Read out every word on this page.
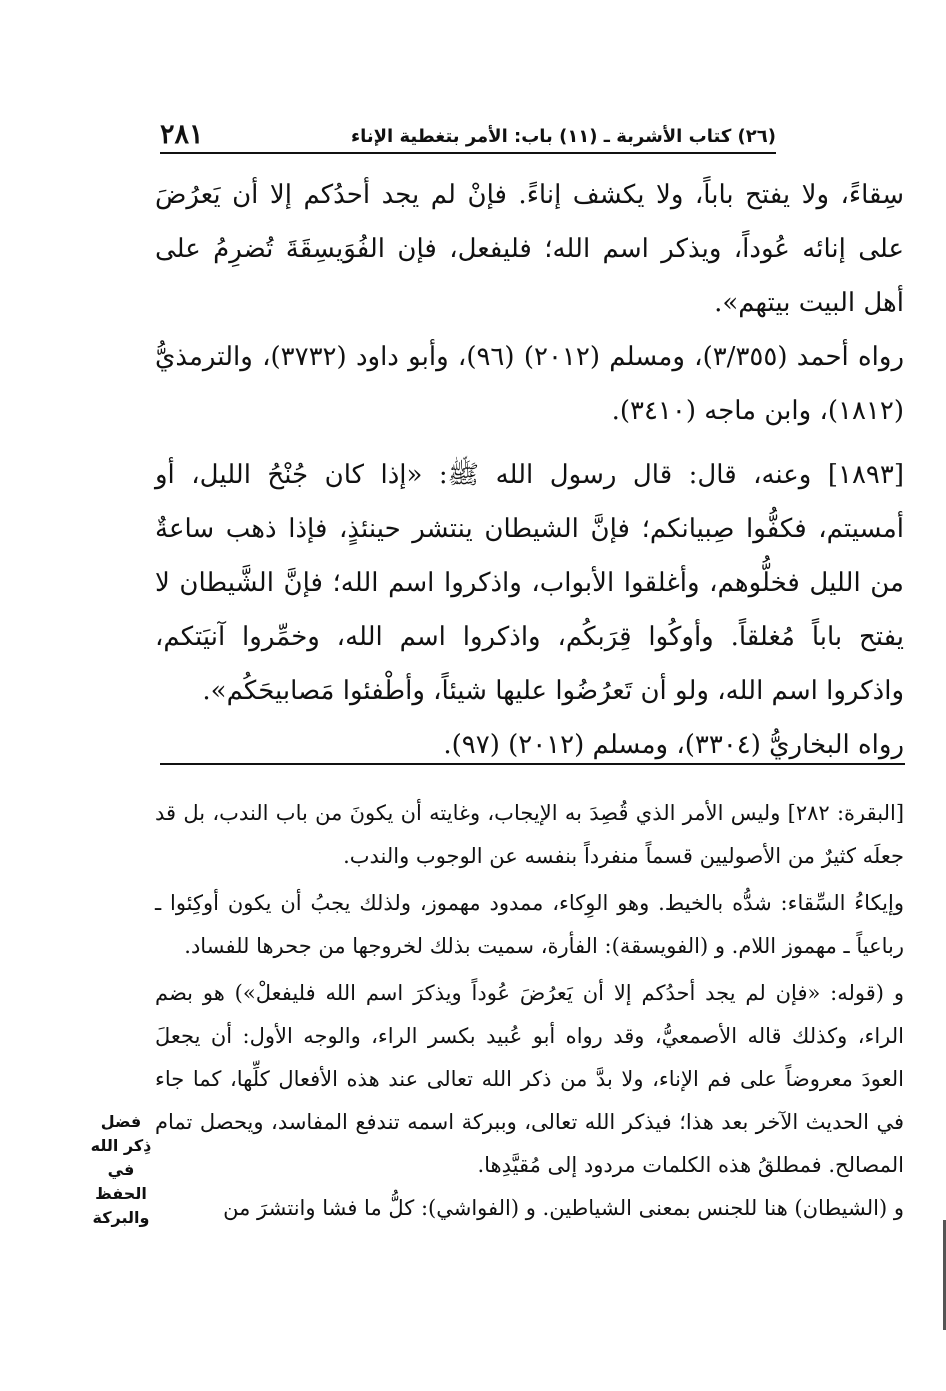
٢٨١	(٢٦) كتاب الأشربة ـ (١١) باب: الأمر بتغطية الإناء

سِقاءً، ولا يفتح باباً، ولا يكشف إناءً. فإنْ لم يجد أحدُكم إلا أن يَعرُضَ على إنائه عُوداً، ويذكر اسم الله؛ فليفعل، فإن الفُوَيسِقَةَ تُضرِمُ على أهل البيت بيتهم».

رواه أحمد (٣/٣٥٥)، ومسلم (٢٠١٢) (٩٦)، وأبو داود (٣٧٣٢)، والترمذيُّ (١٨١٢)، وابن ماجه (٣٤١٠).

[١٨٩٣] وعنه، قال: قال رسول الله ﷺ: «إذا كان جُنْحُ الليل، أو أمسيتم، فكفُّوا صِبيانكم؛ فإنَّ الشيطان ينتشر حينئذٍ، فإذا ذهب ساعةٌ من الليل فخلُّوهم، وأغلقوا الأبواب، واذكروا اسم الله؛ فإنَّ الشَّيطان لا يفتح باباً مُغلقاً. وأوكُوا قِرَبكُم، واذكروا اسم الله، وخمِّروا آنيَتكم، واذكروا اسم الله، ولو أن تَعرُضُوا عليها شيئاً، وأطْفئوا مَصابيحَكُم».

رواه البخاريُّ (٣٣٠٤)، ومسلم (٢٠١٢) (٩٧).

[البقرة: ٢٨٢] وليس الأمر الذي قُصِدَ به الإيجاب، وغايته أن يكونَ من باب الندب، بل قد جعلَه كثيرٌ من الأصوليين قسماً منفرداً بنفسه عن الوجوب والندب.

وإيكاءُ السِّقاء: شدُّه بالخيط. وهو الوِكاء، ممدود مهموز، ولذلك يجبُ أن يكون أوكِئوا ـ رباعياً ـ مهموز اللام. و (الفويسقة): الفأرة، سميت بذلك لخروجها من جحرها للفساد.

و (قوله: «فإن لم يجد أحدُكم إلا أن يَعرُضَ عُوداً ويذكرَ اسم الله فليفعلْ») هو بضم الراء، وكذلك قاله الأصمعيُّ، وقد رواه أبو عُبيد بكسر الراء، والوجه الأول: أن يجعلَ العودَ معروضاً على فم الإناء، ولا بدَّ من ذكر الله تعالى عند هذه الأفعال كلِّها، كما جاء في الحديث الآخر بعد هذا؛ فيذكر الله تعالى، وببركة اسمه تندفع المفاسد، ويحصل تمام المصالح. فمطلقُ هذه الكلمات مردود إلى مُقيَّدِها.

و (الشيطان) هنا للجنس بمعنى الشياطين. و (الفواشي): كلُّ ما فشا وانتشرَ من

فضل
ذِكر الله
في
الحفظ
والبركة
